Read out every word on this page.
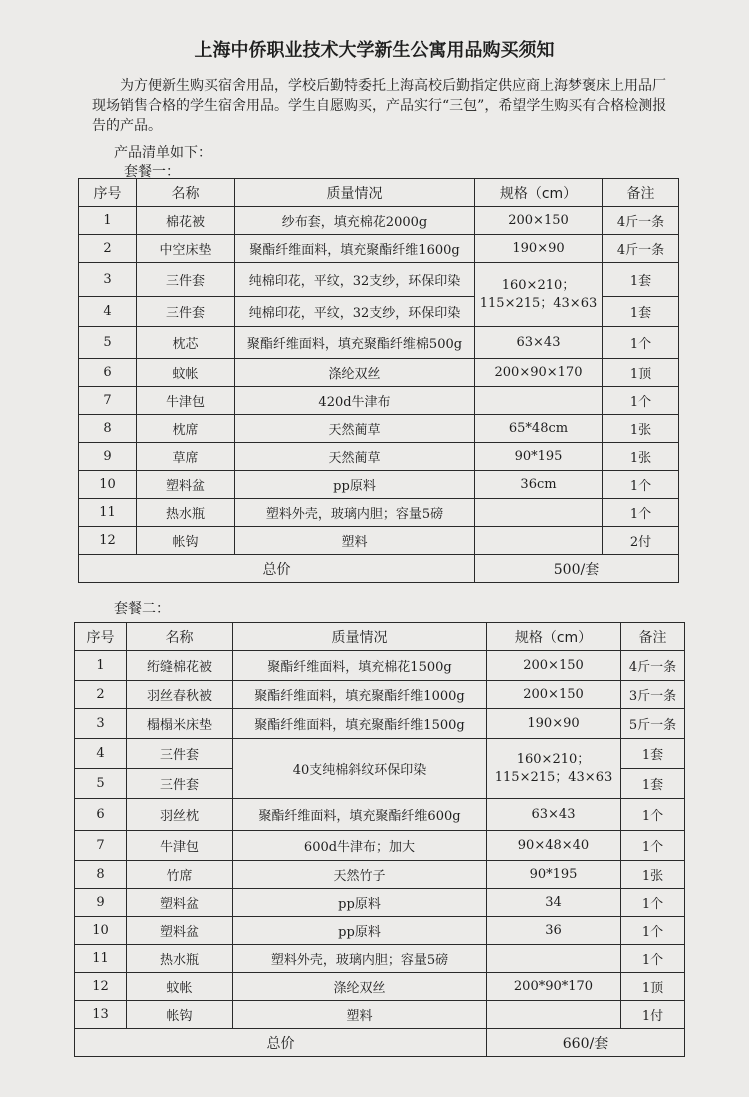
上海中侨职业技术大学新生公寓用品购买须知

为方便新生购买宿舍用品，学校后勤特委托上海高校后勤指定供应商上海梦褒床上用品厂现场销售合格的学生宿舍用品。学生自愿购买，产品实行“三包”，希望学生购买有合格检测报告的产品。

产品清单如下：
套餐一：
序号	名称	质量情况	规格（cm）	备注
1	棉花被	纱布套，填充棉花2000g	200×150	4斤一条
2	中空床垫	聚酯纤维面料，填充聚酯纤维1600g	190×90	4斤一条
3	三件套	纯棉印花，平纹，32支纱，环保印染	160×210；115×215；43×63	1套
4	三件套	纯棉印花，平纹，32支纱，环保印染		1套
5	枕芯	聚酯纤维面料，填充聚酯纤维棉500g	63×43	1个
6	蚊帐	涤纶双丝	200×90×170	1顶
7	牛津包	420d牛津布		1个
8	枕席	天然蔺草	65*48cm	1张
9	草席	天然蔺草	90*195	1张
10	塑料盆	pp原料	36cm	1个
11	热水瓶	塑料外壳，玻璃内胆；容量5磅		1个
12	帐钩	塑料		2付
总价			500/套	
套餐二：
序号	名称	质量情况	规格（cm）	备注
1	绗缝棉花被	聚酯纤维面料，填充棉花1500g	200×150	4斤一条
2	羽丝春秋被	聚酯纤维面料，填充聚酯纤维1000g	200×150	3斤一条
3	榻榻米床垫	聚酯纤维面料，填充聚酯纤维1500g	190×90	5斤一条
4	三件套	40支纯棉斜纹环保印染	160×210；115×215；43×63	1套
5	三件套			1套
6	羽丝枕	聚酯纤维面料，填充聚酯纤维600g	63×43	1个
7	牛津包	600d牛津布；加大	90×48×40	1个
8	竹席	天然竹子	90*195	1张
9	塑料盆	pp原料	34	1个
10	塑料盆	pp原料	36	1个
11	热水瓶	塑料外壳，玻璃内胆；容量5磅		1个
12	蚊帐	涤纶双丝	200*90*170	1顶
13	帐钩	塑料		1付
总价			660/套	
